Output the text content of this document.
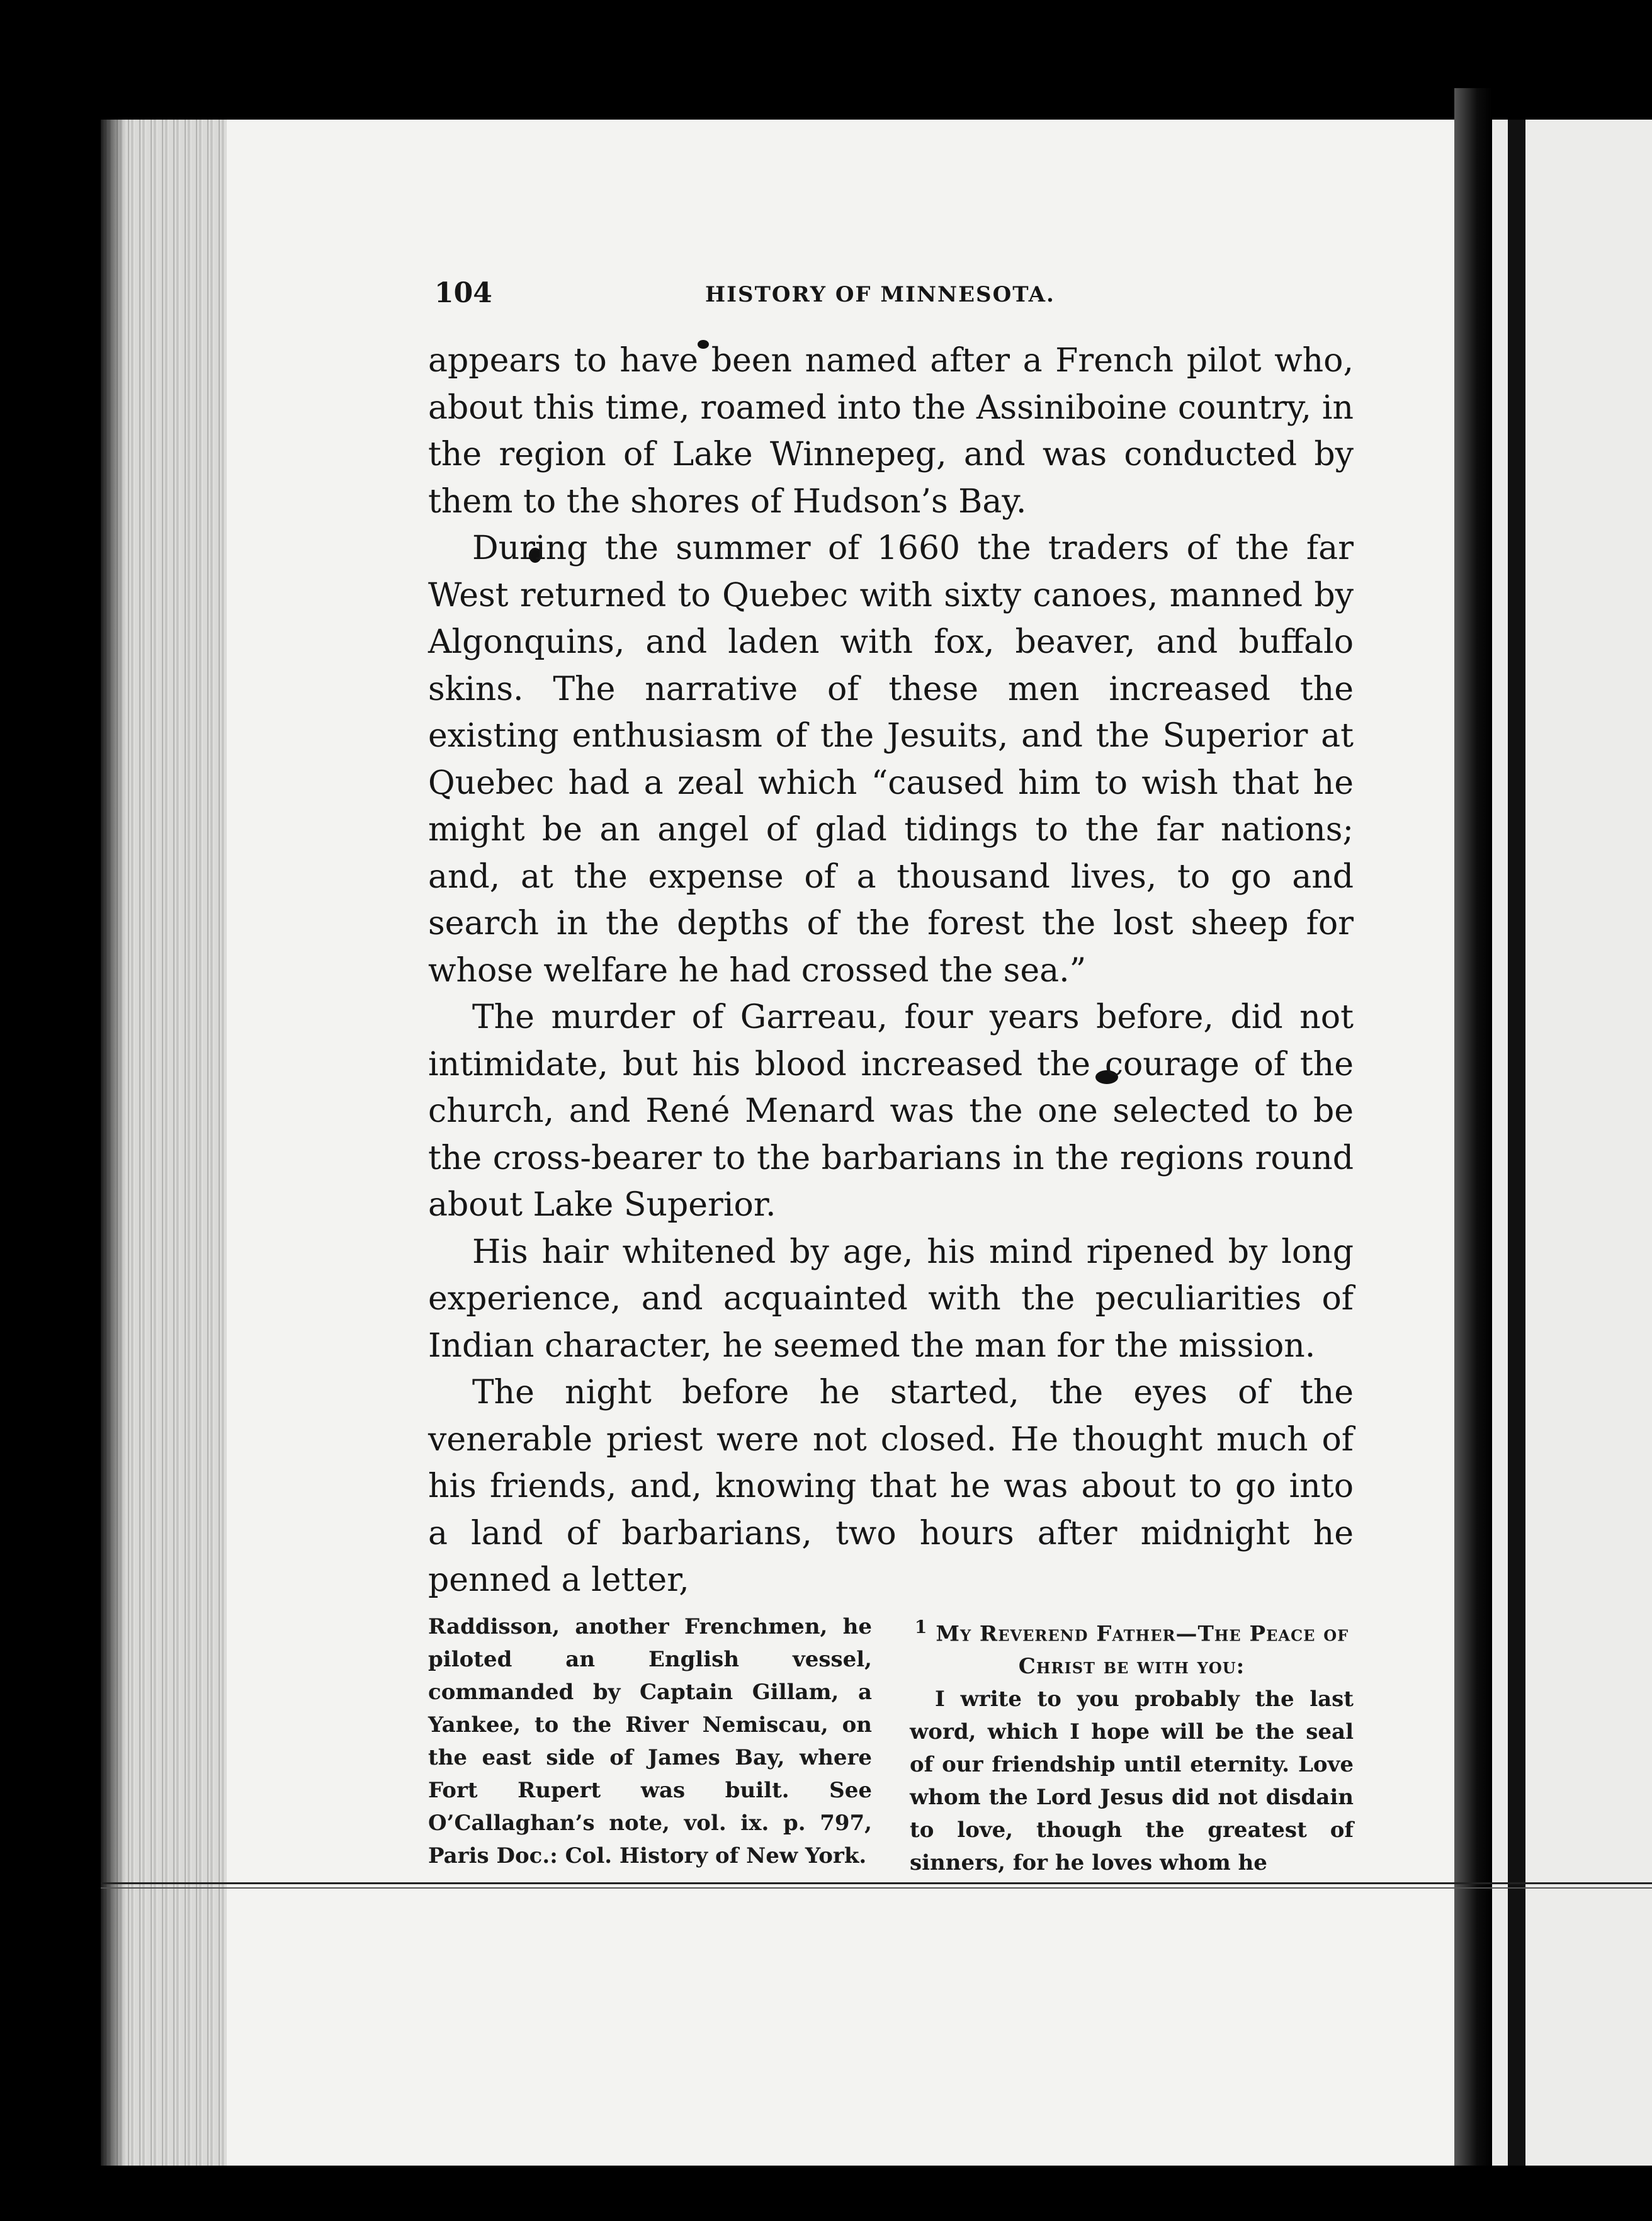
104	HISTORY OF MINNESOTA.

appears to have been named after a French pilot who, about this time, roamed into the Assiniboine country, in the region of Lake Winnepeg, and was conducted by them to the shores of Hudson’s Bay.

During the summer of 1660 the traders of the far West returned to Quebec with sixty canoes, manned by Algonquins, and laden with fox, beaver, and buffalo skins. The narrative of these men increased the existing enthusiasm of the Jesuits, and the Superior at Quebec had a zeal which “caused him to wish that he might be an angel of glad tidings to the far nations; and, at the expense of a thousand lives, to go and search in the depths of the forest the lost sheep for whose welfare he had crossed the sea.”

The murder of Garreau, four years before, did not intimidate, but his blood increased the courage of the church, and René Menard was the one selected to be the cross-bearer to the barbarians in the regions round about Lake Superior.

His hair whitened by age, his mind ripened by long experience, and acquainted with the peculiarities of Indian character, he seemed the man for the mission.

The night before he started, the eyes of the venerable priest were not closed. He thought much of his friends, and, knowing that he was about to go into a land of barbarians, two hours after midnight he penned a letter,

Raddisson, another Frenchmen, he piloted an English vessel, commanded by Captain Gillam, a Yankee, to the River Nemiscau, on the east side of James Bay, where Fort Rupert was built. See O’Callaghan’s note, vol. ix. p. 797, Paris Doc.: Col. History of New York.

$^1$ My Reverend Father—The Peace of Christ be with you:

I write to you probably the last word, which I hope will be the seal of our friendship until eternity. Love whom the Lord Jesus did not disdain to love, though the greatest of sinners, for he loves whom he
